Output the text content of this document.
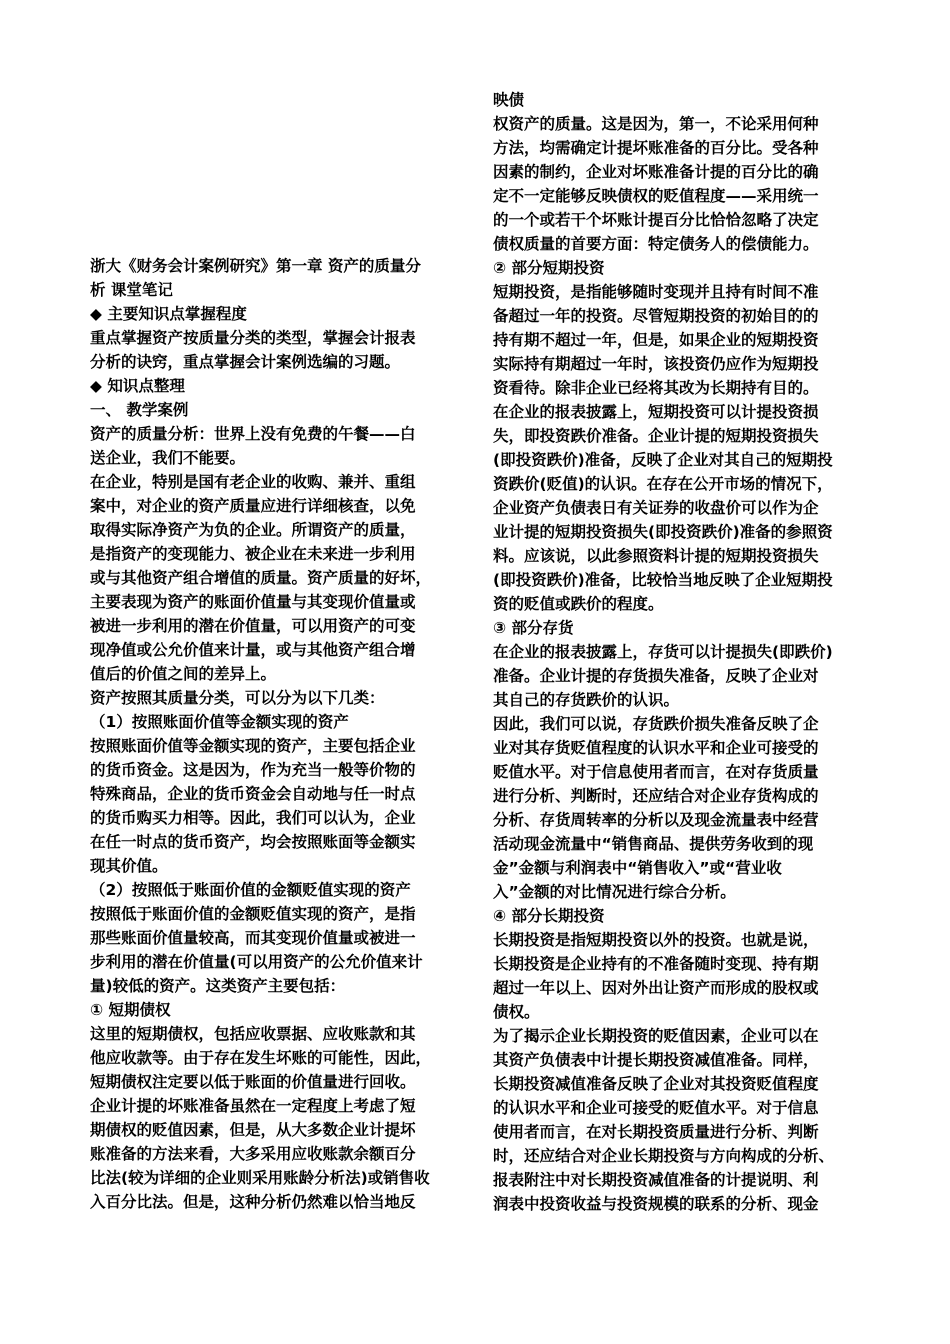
浙大《财务会计案例研究》第一章 资产的质量分
析 课堂笔记
◆ 主要知识点掌握程度
重点掌握资产按质量分类的类型，掌握会计报表
分析的诀窍，重点掌握会计案例选编的习题。
◆ 知识点整理
一、 教学案例
资产的质量分析：世界上没有免费的午餐——白
送企业，我们不能要。
在企业，特别是国有老企业的收购、兼并、重组
案中，对企业的资产质量应进行详细核查，以免
取得实际净资产为负的企业。所谓资产的质量，
是指资产的变现能力、被企业在未来进一步利用
或与其他资产组合增值的质量。资产质量的好坏，
主要表现为资产的账面价值量与其变现价值量或
被进一步利用的潜在价值量，可以用资产的可变
现净值或公允价值来计量，或与其他资产组合增
值后的价值之间的差异上。
资产按照其质量分类，可以分为以下几类：
（1）按照账面价值等金额实现的资产
按照账面价值等金额实现的资产，主要包括企业
的货币资金。这是因为，作为充当一般等价物的
特殊商品，企业的货币资金会自动地与任一时点
的货币购买力相等。因此，我们可以认为，企业
在任一时点的货币资产，均会按照账面等金额实
现其价值。
（2）按照低于账面价值的金额贬值实现的资产
按照低于账面价值的金额贬值实现的资产，是指
那些账面价值量较高，而其变现价值量或被进一
步利用的潜在价值量(可以用资产的公允价值来计
量)较低的资产。这类资产主要包括：
① 短期债权
这里的短期债权，包括应收票据、应收账款和其
他应收款等。由于存在发生坏账的可能性，因此，
短期债权注定要以低于账面的价值量进行回收。
企业计提的坏账准备虽然在一定程度上考虑了短
期债权的贬值因素，但是，从大多数企业计提坏
账准备的方法来看，大多采用应收账款余额百分
比法(较为详细的企业则采用账龄分析法)或销售收
入百分比法。但是，这种分析仍然难以恰当地反
映债
权资产的质量。这是因为，第一，不论采用何种
方法，均需确定计提坏账准备的百分比。受各种
因素的制约，企业对坏账准备计提的百分比的确
定不一定能够反映债权的贬值程度——采用统一
的一个或若干个坏账计提百分比恰恰忽略了决定
债权质量的首要方面：特定债务人的偿债能力。
② 部分短期投资
短期投资，是指能够随时变现并且持有时间不准
备超过一年的投资。尽管短期投资的初始目的的
持有期不超过一年，但是，如果企业的短期投资
实际持有期超过一年时，该投资仍应作为短期投
资看待。除非企业已经将其改为长期持有目的。
在企业的报表披露上，短期投资可以计提投资损
失，即投资跌价准备。企业计提的短期投资损失
(即投资跌价)准备，反映了企业对其自己的短期投
资跌价(贬值)的认识。在存在公开市场的情况下，
企业资产负债表日有关证券的收盘价可以作为企
业计提的短期投资损失(即投资跌价)准备的参照资
料。应该说，以此参照资料计提的短期投资损失
(即投资跌价)准备，比较恰当地反映了企业短期投
资的贬值或跌价的程度。
③ 部分存货
在企业的报表披露上，存货可以计提损失(即跌价)
准备。企业计提的存货损失准备，反映了企业对
其自己的存货跌价的认识。
因此，我们可以说，存货跌价损失准备反映了企
业对其存货贬值程度的认识水平和企业可接受的
贬值水平。对于信息使用者而言，在对存货质量
进行分析、判断时，还应结合对企业存货构成的
分析、存货周转率的分析以及现金流量表中经营
活动现金流量中“销售商品、提供劳务收到的现
金”金额与利润表中“销售收入”或“营业收
入”金额的对比情况进行综合分析。
④ 部分长期投资
长期投资是指短期投资以外的投资。也就是说，
长期投资是企业持有的不准备随时变现、持有期
超过一年以上、因对外出让资产而形成的股权或
债权。
为了揭示企业长期投资的贬值因素，企业可以在
其资产负债表中计提长期投资减值准备。同样，
长期投资减值准备反映了企业对其投资贬值程度
的认识水平和企业可接受的贬值水平。对于信息
使用者而言，在对长期投资质量进行分析、判断
时，还应结合对企业长期投资与方向构成的分析、
报表附注中对长期投资减值准备的计提说明、利
润表中投资收益与投资规模的联系的分析、现金
